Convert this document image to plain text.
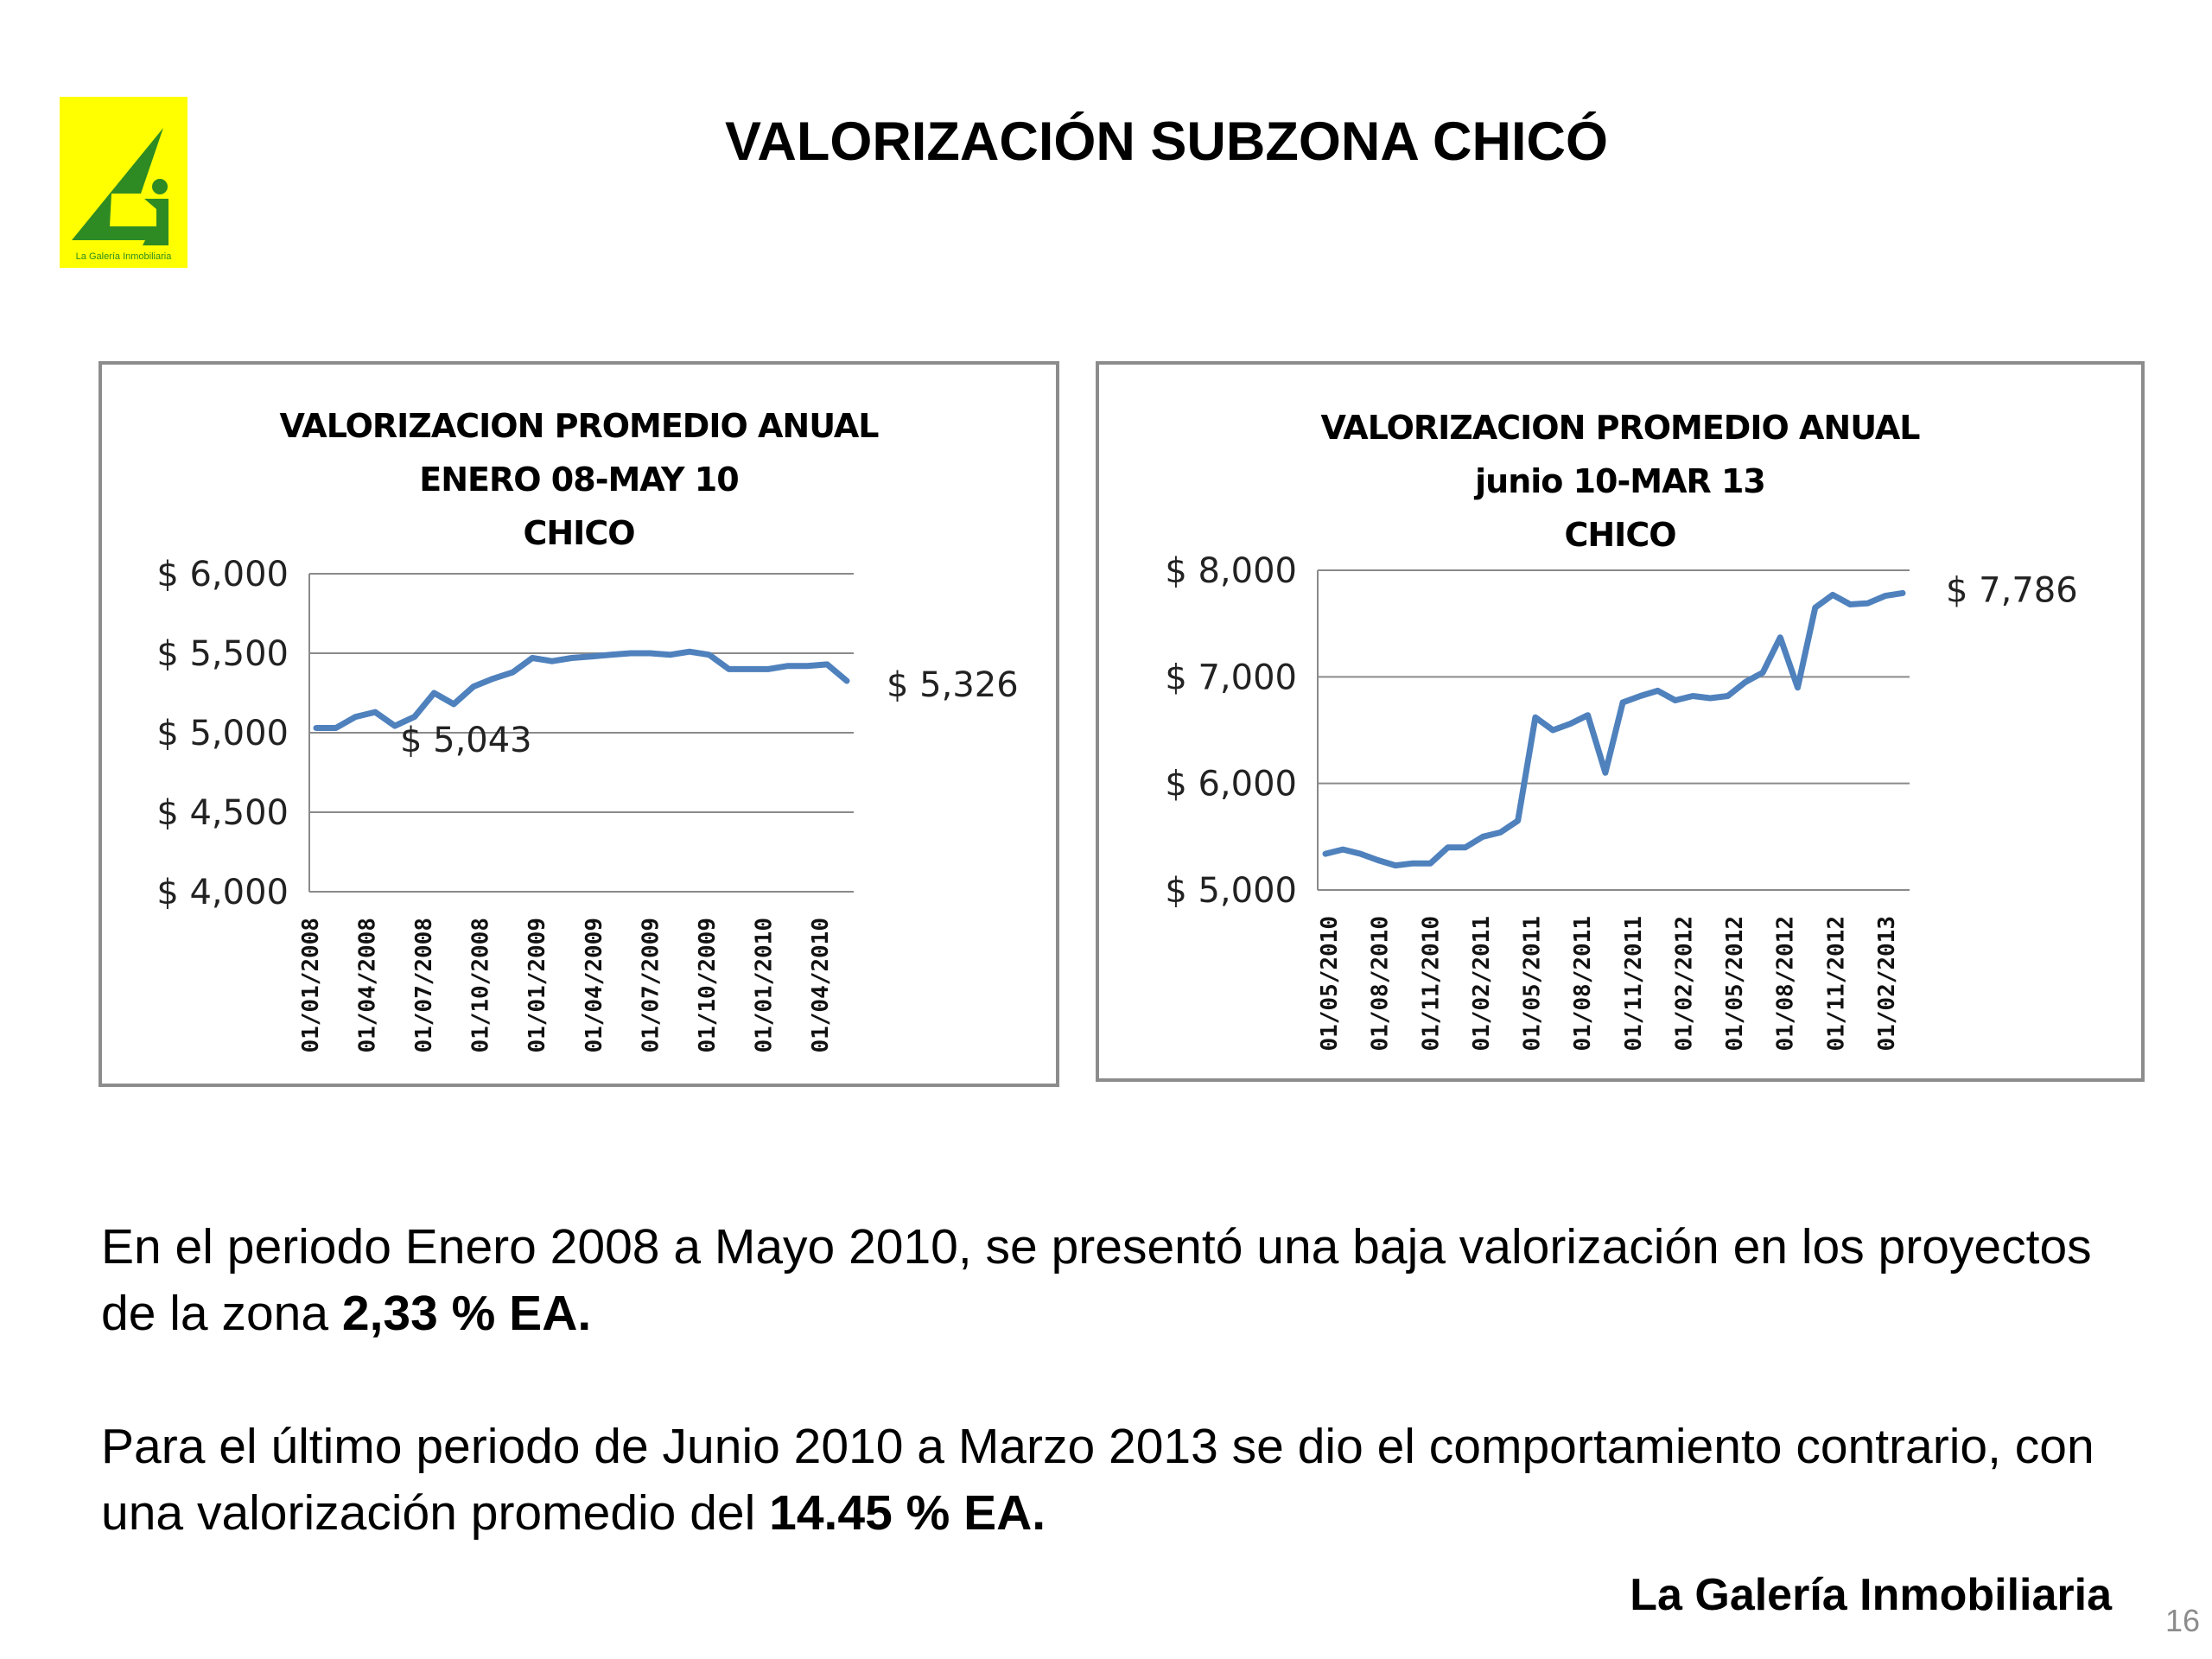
La Galería Inmobiliaria
VALORIZACIÓN SUBZONA CHICÓ
VALORIZACION PROMEDIO ANUAL
ENERO 08-MAY 10
CHICO
$ 6,000
$ 5,500
$ 5,000
$ 4,500
$ 4,000
01/01/2008 01/04/2008 01/07/2008 01/10/2008 01/01/2009 01/04/2009 01/07/2009 01/10/2009 01/01/2010 01/04/2010
$ 5,043
$ 5,326
VALORIZACION PROMEDIO ANUAL
junio 10-MAR 13
CHICO
$ 8,000
$ 7,000
$ 6,000
$ 5,000
01/05/2010 01/08/2010 01/11/2010 01/02/2011 01/05/2011 01/08/2011 01/11/2011 01/02/2012 01/05/2012 01/08/2012 01/11/2012 01/02/2013
$ 7,786

En el periodo Enero 2008 a Mayo 2010, se presentó una baja valorización en los proyectos de la zona 2,33 % EA.

Para el último periodo de Junio 2010 a Marzo 2013 se dio el comportamiento contrario, con una valorización promedio del 14.45 % EA.

La Galería Inmobiliaria
16
